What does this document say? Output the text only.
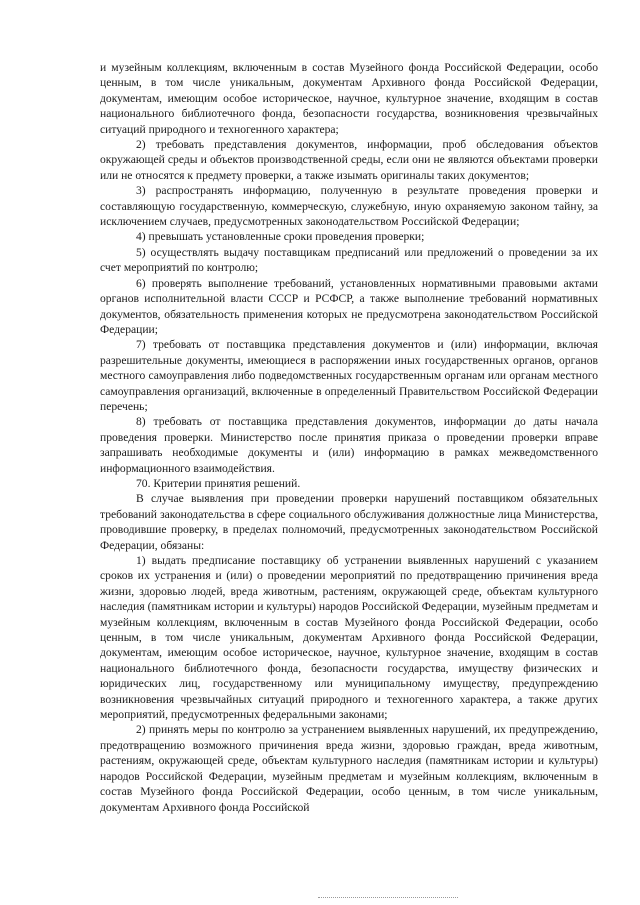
и музейным коллекциям, включенным в состав Музейного фонда Российской Федерации, особо ценным, в том числе уникальным, документам Архивного фонда Российской Федерации, документам, имеющим особое историческое, научное, культурное значение, входящим в состав национального библиотечного фонда, безопасности государства, возникновения чрезвычайных ситуаций природного и техногенного характера;

2) требовать представления документов, информации, проб обследования объектов окружающей среды и объектов производственной среды, если они не являются объектами проверки или не относятся к предмету проверки, а также изымать оригиналы таких документов;

3) распространять информацию, полученную в результате проведения проверки и составляющую государственную, коммерческую, служебную, иную охраняемую законом тайну, за исключением случаев, предусмотренных законодательством Российской Федерации;

4) превышать установленные сроки проведения проверки;

5) осуществлять выдачу поставщикам предписаний или предложений о проведении за их счет мероприятий по контролю;

6) проверять выполнение требований, установленных нормативными правовыми актами органов исполнительной власти СССР и РСФСР, а также выполнение требований нормативных документов, обязательность применения которых не предусмотрена законодательством Российской Федерации;

7) требовать от поставщика представления документов и (или) информации, включая разрешительные документы, имеющиеся в распоряжении иных государственных органов, органов местного самоуправления либо подведомственных государственным органам или органам местного самоуправления организаций, включенные в определенный Правительством Российской Федерации перечень;

8) требовать от поставщика представления документов, информации до даты начала проведения проверки. Министерство после принятия приказа о проведении проверки вправе запрашивать необходимые документы и (или) информацию в рамках межведомственного информационного взаимодействия.

70. Критерии принятия решений.

В случае выявления при проведении проверки нарушений поставщиком обязательных требований законодательства в сфере социального обслуживания должностные лица Министерства, проводившие проверку, в пределах полномочий, предусмотренных законодательством Российской Федерации, обязаны:

1) выдать предписание поставщику об устранении выявленных нарушений с указанием сроков их устранения и (или) о проведении мероприятий по предотвращению причинения вреда жизни, здоровью людей, вреда животным, растениям, окружающей среде, объектам культурного наследия (памятникам истории и культуры) народов Российской Федерации, музейным предметам и музейным коллекциям, включенным в состав Музейного фонда Российской Федерации, особо ценным, в том числе уникальным, документам Архивного фонда Российской Федерации, документам, имеющим особое историческое, научное, культурное значение, входящим в состав национального библиотечного фонда, безопасности государства, имуществу физических и юридических лиц, государственному или муниципальному имуществу, предупреждению возникновения чрезвычайных ситуаций природного и техногенного характера, а также других мероприятий, предусмотренных федеральными законами;

2) принять меры по контролю за устранением выявленных нарушений, их предупреждению, предотвращению возможного причинения вреда жизни, здоровью граждан, вреда животным, растениям, окружающей среде, объектам культурного наследия (памятникам истории и культуры) народов Российской Федерации, музейным предметам и музейным коллекциям, включенным в состав Музейного фонда Российской Федерации, особо ценным, в том числе уникальным, документам Архивного фонда Российской
